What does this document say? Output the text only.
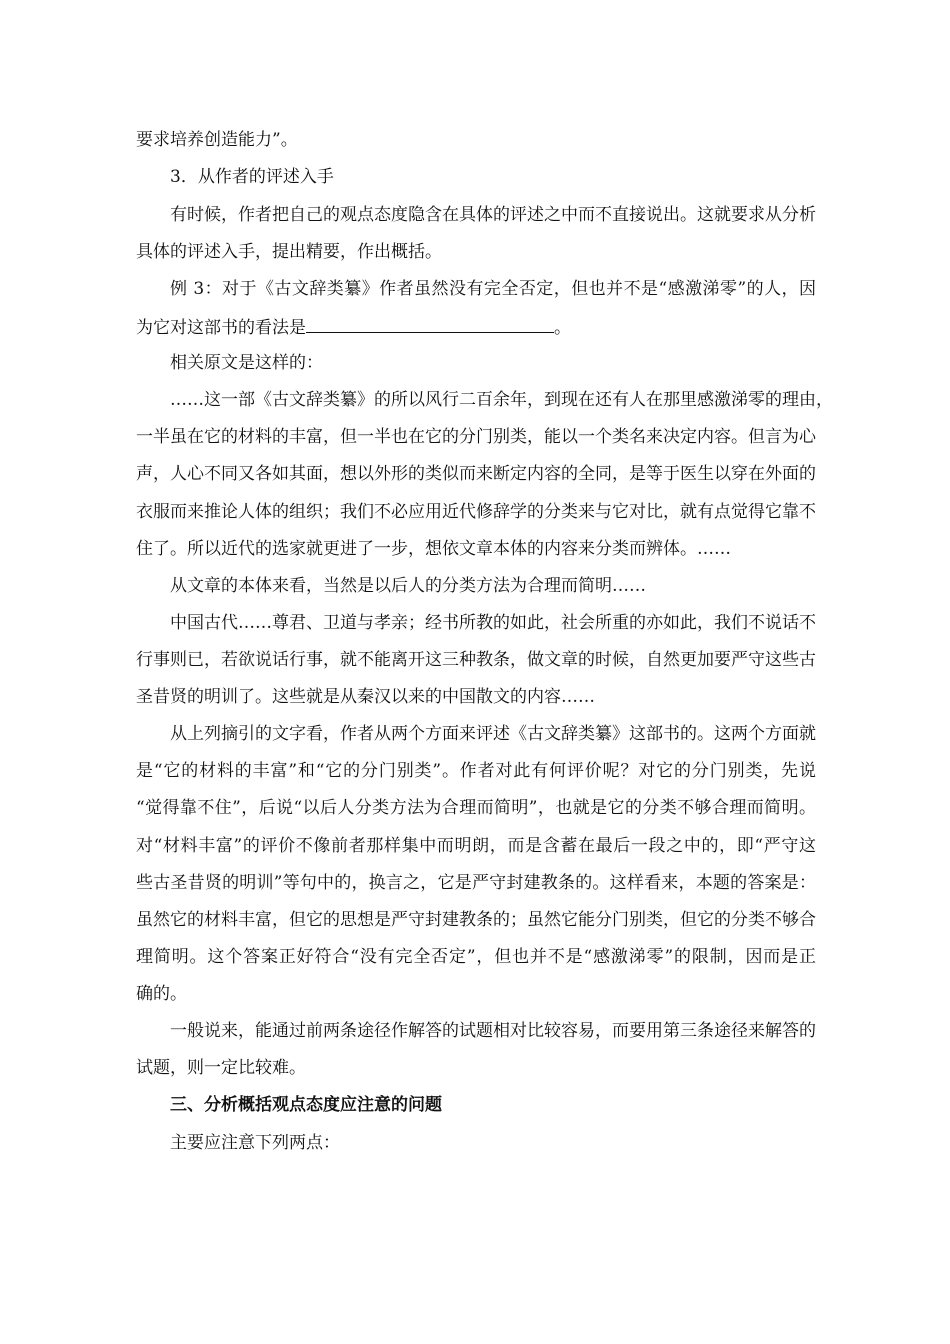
要求培养创造能力”。
3．从作者的评述入手
有时候，作者把自己的观点态度隐含在具体的评述之中而不直接说出。这就要求从分析
具体的评述入手，提出精要，作出概括。
例 3：对于《古文辞类纂》作者虽然没有完全否定，但也并不是“感激涕零”的人，因
为它对这部书的看法是	。
相关原文是这样的：
……这一部《古文辞类纂》的所以风行二百余年，到现在还有人在那里感激涕零的理由，
一半虽在它的材料的丰富，但一半也在它的分门别类，能以一个类名来决定内容。但言为心
声，人心不同又各如其面，想以外形的类似而来断定内容的全同，是等于医生以穿在外面的
衣服而来推论人体的组织；我们不必应用近代修辞学的分类来与它对比，就有点觉得它靠不
住了。所以近代的选家就更进了一步，想依文章本体的内容来分类而辨体。……
从文章的本体来看，当然是以后人的分类方法为合理而简明……
中国古代……尊君、卫道与孝亲；经书所教的如此，社会所重的亦如此，我们不说话不
行事则已，若欲说话行事，就不能离开这三种教条，做文章的时候，自然更加要严守这些古
圣昔贤的明训了。这些就是从秦汉以来的中国散文的内容……
从上列摘引的文字看，作者从两个方面来评述《古文辞类纂》这部书的。这两个方面就
是“它的材料的丰富”和“它的分门别类”。作者对此有何评价呢？对它的分门别类，先说
“觉得靠不住”，后说“以后人分类方法为合理而简明”，也就是它的分类不够合理而简明。
对“材料丰富”的评价不像前者那样集中而明朗，而是含蓄在最后一段之中的，即“严守这
些古圣昔贤的明训”等句中的，换言之，它是严守封建教条的。这样看来，本题的答案是：
虽然它的材料丰富，但它的思想是严守封建教条的；虽然它能分门别类，但它的分类不够合
理简明。这个答案正好符合“没有完全否定”，但也并不是“感激涕零”的限制，因而是正
确的。
一般说来，能通过前两条途径作解答的试题相对比较容易，而要用第三条途径来解答的
试题，则一定比较难。
三、分析概括观点态度应注意的问题
主要应注意下列两点：
